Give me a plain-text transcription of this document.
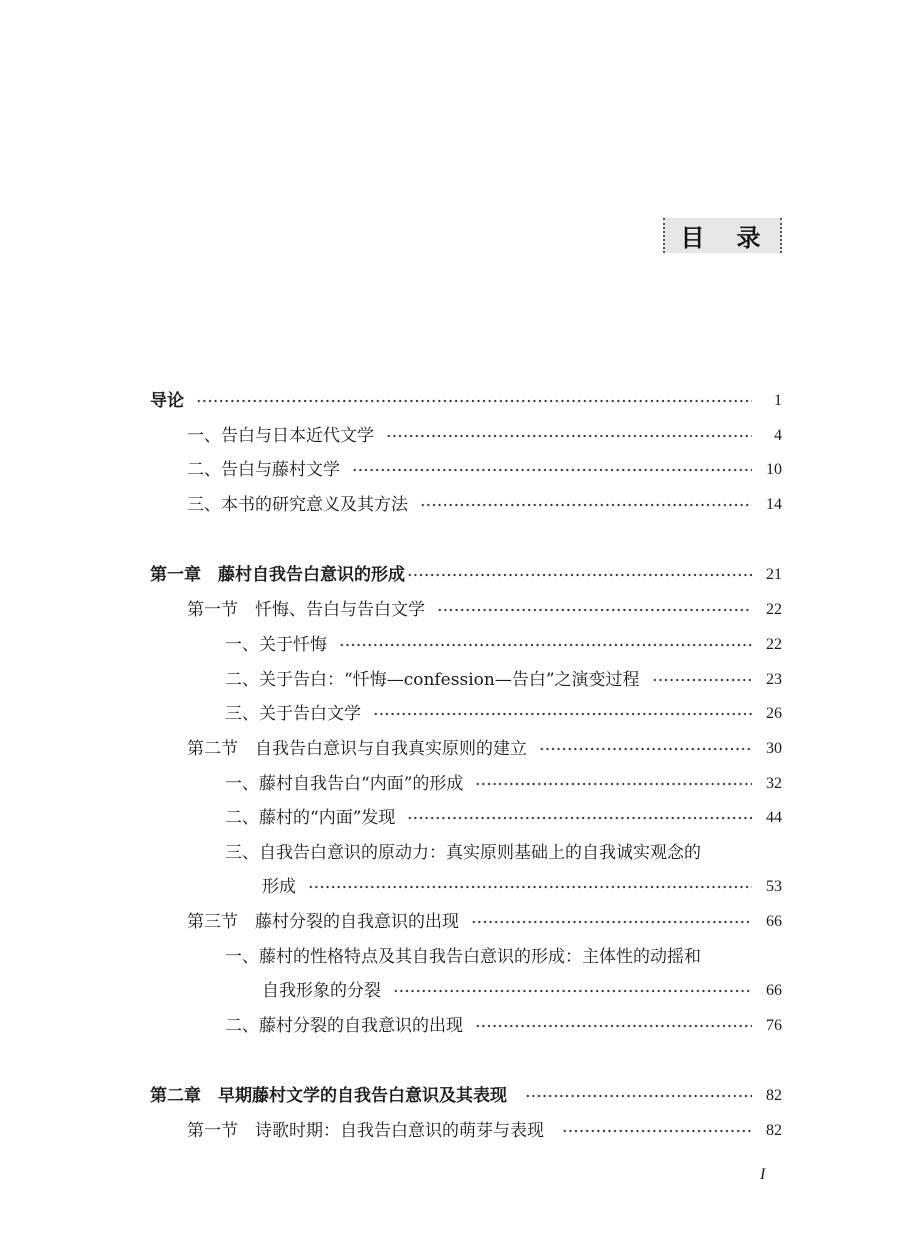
目　录
导论	1
一、告白与日本近代文学	4
二、告白与藤村文学	10
三、本书的研究意义及其方法	14
第一章　藤村自我告白意识的形成	21
第一节　忏悔、告白与告白文学	22
一、关于忏悔	22
二、关于告白：“忏悔—confession—告白”之演变过程	23
三、关于告白文学	26
第二节　自我告白意识与自我真实原则的建立	30
一、藤村自我告白“内面”的形成	32
二、藤村的“内面”发现	44
三、自我告白意识的原动力：真实原则基础上的自我诚实观念的
形成	53
第三节　藤村分裂的自我意识的出现	66
一、藤村的性格特点及其自我告白意识的形成：主体性的动摇和
自我形象的分裂	66
二、藤村分裂的自我意识的出现	76
第二章　早期藤村文学的自我告白意识及其表现	82
第一节　诗歌时期：自我告白意识的萌芽与表现	82
I
